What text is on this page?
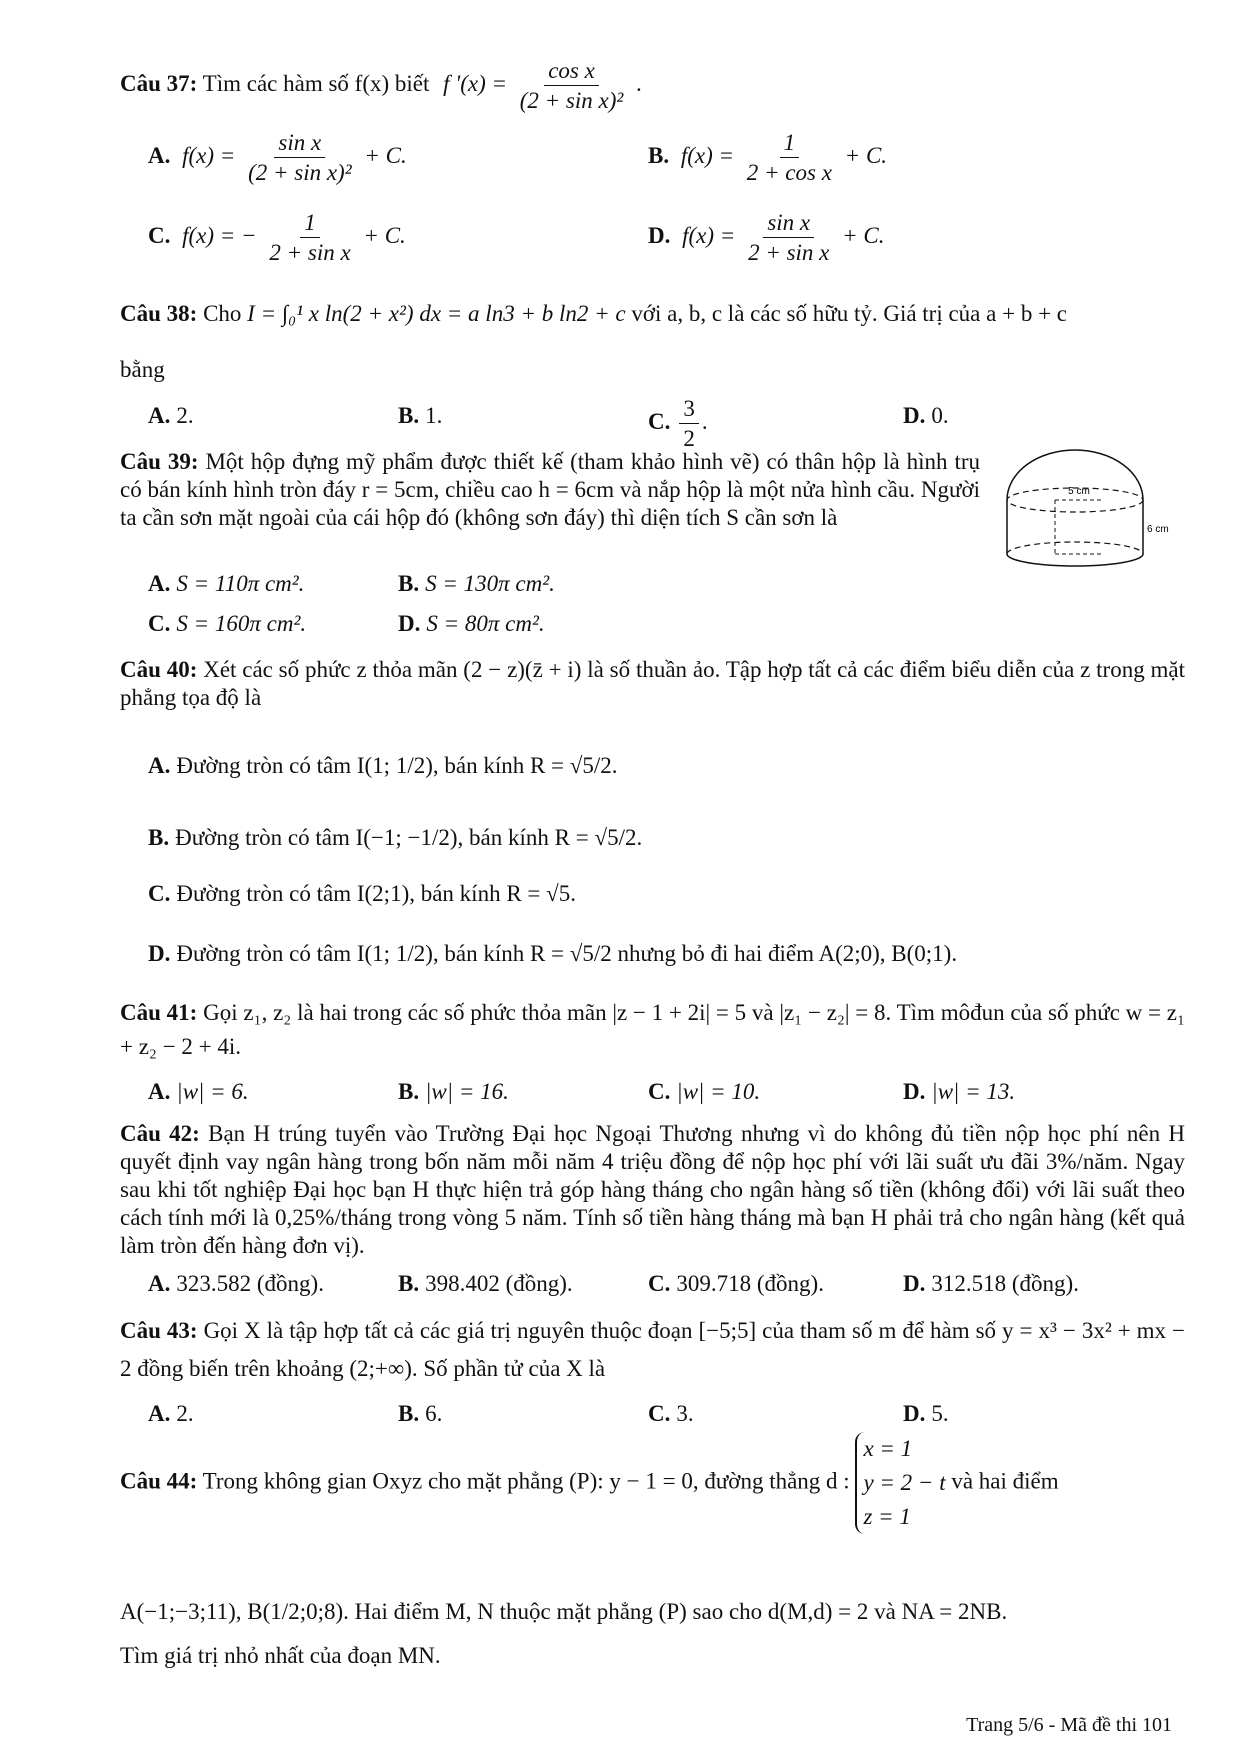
Câu 37: Tìm các hàm số f(x) biết f '$(x) = \frac{\text{cos x}}{\text{(2 + sin x)²}}$ .
A. $f(x) = \frac{\text{sin x}}{\text{(2 + sin x)²}} + C$.	B. $f(x) = \frac{1}{\text{2 + cos x}} + C$.
C. f(x) = − $\frac{1}{\text{2 + sin x}} + C$.	D. $f(x) = \frac{\text{sin x}}{\text{2 + sin x}} + C$.
Câu 38: Cho I = ∫₀¹ x ln(2 + x²) dx = a ln3 + b ln2 + c với a, b, c là các số hữu tỷ. Giá trị của a + b + c
bằng
A. 2.	B. 1.	C. $\frac{3}{2}$ .	D. 0.
Câu 39: Một hộp đựng mỹ phẩm được thiết kế (tham khảo hình vẽ) có thân hộp là hình trụ có bán kính hình tròn đáy r = 5cm, chiều cao h = 6cm và nắp hộp là một nửa hình cầu. Người ta cần sơn mặt ngoài của cái hộp đó (không sơn đáy) thì diện tích S cần sơn là
5 cm
6 cm
A. S = 110π cm².	B. S = 130π cm².
C. S = 160π cm².	D. S = 80π cm².
Câu 40: Xét các số phức z thỏa mãn (2 − z)(z̄ + i) là số thuần ảo. Tập hợp tất cả các điểm biểu diễn của z trong mặt phẳng tọa độ là
A. Đường tròn có tâm I(1; 1/2), bán kính R = √5/2.
B. Đường tròn có tâm I(−1; −1/2), bán kính R = √5/2.
C. Đường tròn có tâm I(2;1), bán kính R = √5.
D. Đường tròn có tâm I(1; 1/2), bán kính R = √5/2 nhưng bỏ đi hai điểm A(2;0), B(0;1).
Câu 41: Gọi z₁, z₂ là hai trong các số phức thỏa mãn |z − 1 + 2i| = 5 và |z₁ − z₂| = 8. Tìm môđun của số phức w = z₁ + z₂ − 2 + 4i.
A. |w| = 6.	B. |w| = 16.	C. |w| = 10.	D. |w| = 13.
Câu 42: Bạn H trúng tuyển vào Trường Đại học Ngoại Thương nhưng vì do không đủ tiền nộp học phí nên H quyết định vay ngân hàng trong bốn năm mỗi năm 4 triệu đồng để nộp học phí với lãi suất ưu đãi 3%/năm. Ngay sau khi tốt nghiệp Đại học bạn H thực hiện trả góp hàng tháng cho ngân hàng số tiền (không đổi) với lãi suất theo cách tính mới là 0,25%/tháng trong vòng 5 năm. Tính số tiền hàng tháng mà bạn H phải trả cho ngân hàng (kết quả làm tròn đến hàng đơn vị).
A. 323.582 (đồng).	B. 398.402 (đồng).	C. 309.718 (đồng).	D. 312.518 (đồng).
Câu 43: Gọi X là tập hợp tất cả các giá trị nguyên thuộc đoạn [−5;5] của tham số m để hàm số y = x³ − 3x² + mx − 2 đồng biến trên khoảng (2;+∞). Số phần tử của X là
A. 2.	B. 6.	C. 3.	D. 5.
Câu 44: Trong không gian Oxyz cho mặt phẳng (P): y − 1 = 0, đường thẳng d :
x = 1
y = 2 − t
z = 1
và hai điểm
A(−1;−3;11), B(1/2;0;8). Hai điểm M, N thuộc mặt phẳng (P) sao cho d(M,d) = 2 và NA = 2NB.
Tìm giá trị nhỏ nhất của đoạn MN.
Trang 5/6 - Mã đề thi 101
